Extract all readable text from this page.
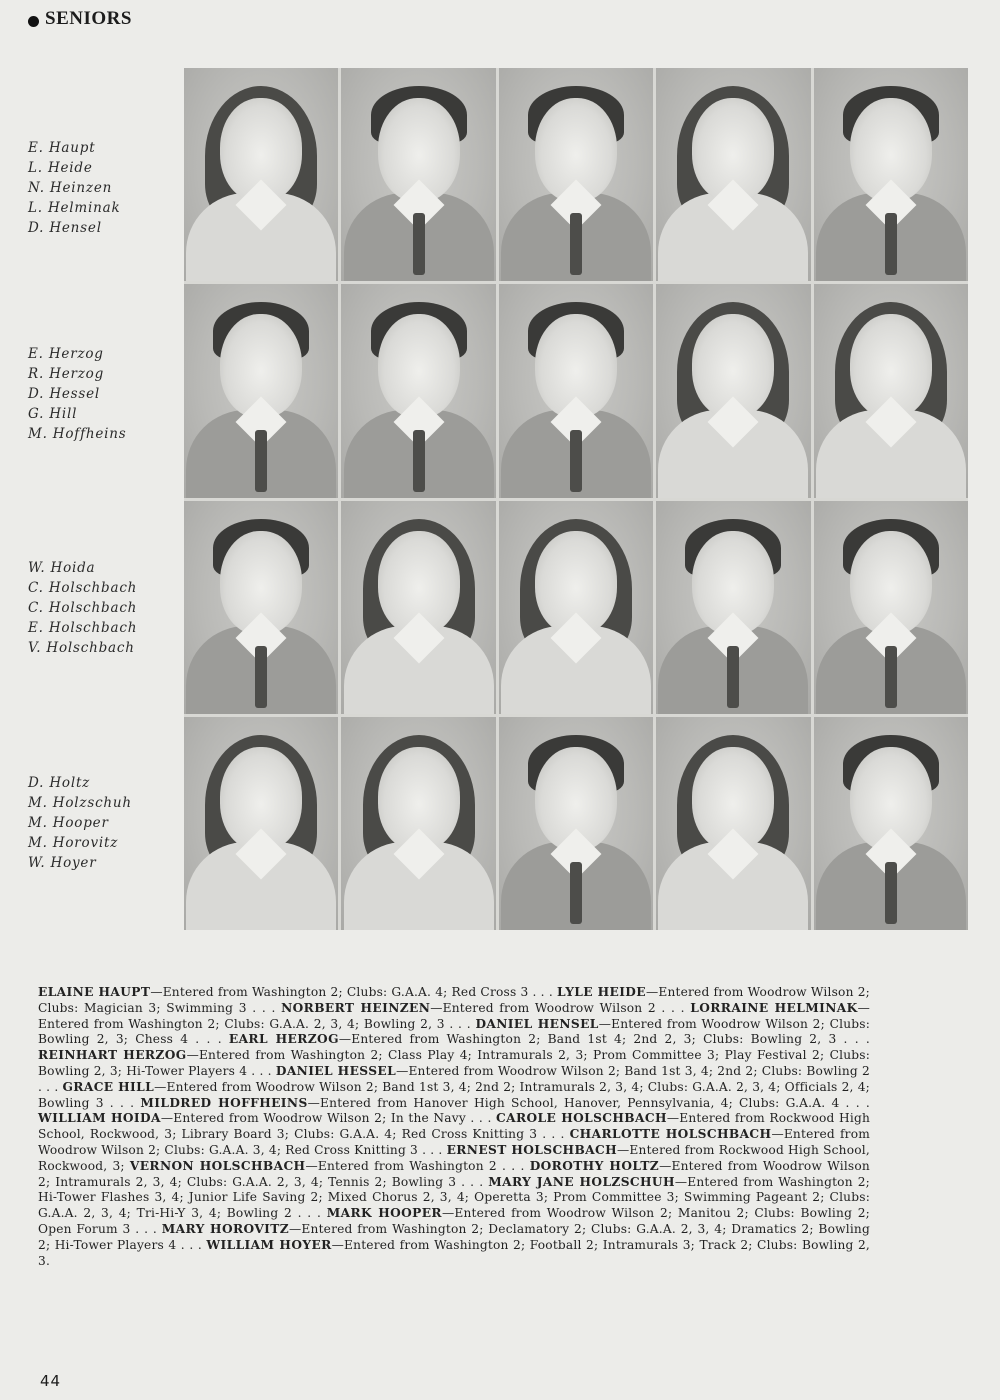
SENIORS
E. Haupt
L. Heide
N. Heinzen
L. Helminak
D. Hensel
E. Herzog
R. Herzog
D. Hessel
G. Hill
M. Hoffheins
W. Hoida
C. Holschbach
C. Holschbach
E. Holschbach
V. Holschbach
D. Holtz
M. Holzschuh
M. Hooper
M. Horovitz
W. Hoyer
ELAINE HAUPT—Entered from Washington 2; Clubs: G.A.A. 4; Red Cross 3 . . . LYLE HEIDE—Entered from Woodrow Wilson 2; Clubs: Magician 3; Swimming 3 . . . NORBERT HEINZEN—Entered from Woodrow Wilson 2 . . . LORRAINE HELMINAK—Entered from Washington 2; Clubs: G.A.A. 2, 3, 4; Bowling 2, 3 . . . DANIEL HENSEL—Entered from Woodrow Wilson 2; Clubs: Bowling 2, 3; Chess 4 . . . EARL HERZOG—Entered from Washington 2; Band 1st 4; 2nd 2, 3; Clubs: Bowling 2, 3 . . . REINHART HERZOG—Entered from Washington 2; Class Play 4; Intramurals 2, 3; Prom Committee 3; Play Festival 2; Clubs: Bowling 2, 3; Hi-Tower Players 4 . . . DANIEL HESSEL—Entered from Woodrow Wilson 2; Band 1st 3, 4; 2nd 2; Clubs: Bowling 2 . . . GRACE HILL—Entered from Woodrow Wilson 2; Band 1st 3, 4; 2nd 2; Intramurals 2, 3, 4; Clubs: G.A.A. 2, 3, 4; Officials 2, 4; Bowling 3 . . . MILDRED HOFFHEINS—Entered from Hanover High School, Hanover, Pennsylvania, 4; Clubs: G.A.A. 4 . . . WILLIAM HOIDA—Entered from Woodrow Wilson 2; In the Navy . . . CAROLE HOLSCHBACH—Entered from Rockwood High School, Rockwood, 3; Library Board 3; Clubs: G.A.A. 4; Red Cross Knitting 3 . . . CHARLOTTE HOLSCHBACH—Entered from Woodrow Wilson 2; Clubs: G.A.A. 3, 4; Red Cross Knitting 3 . . . ERNEST HOLSCHBACH—Entered from Rockwood High School, Rockwood, 3; VERNON HOLSCHBACH—Entered from Washington 2 . . . DOROTHY HOLTZ—Entered from Woodrow Wilson 2; Intramurals 2, 3, 4; Clubs: G.A.A. 2, 3, 4; Tennis 2; Bowling 3 . . . MARY JANE HOLZSCHUH—Entered from Washington 2; Hi-Tower Flashes 3, 4; Junior Life Saving 2; Mixed Chorus 2, 3, 4; Operetta 3; Prom Committee 3; Swimming Pageant 2; Clubs: G.A.A. 2, 3, 4; Tri-Hi-Y 3, 4; Bowling 2 . . . MARK HOOPER—Entered from Woodrow Wilson 2; Manitou 2; Clubs: Bowling 2; Open Forum 3 . . . MARY HOROVITZ—Entered from Washington 2; Declamatory 2; Clubs: G.A.A. 2, 3, 4; Dramatics 2; Bowling 2; Hi-Tower Players 4 . . . WILLIAM HOYER—Entered from Washington 2; Football 2; Intramurals 3; Track 2; Clubs: Bowling 2, 3.
44
